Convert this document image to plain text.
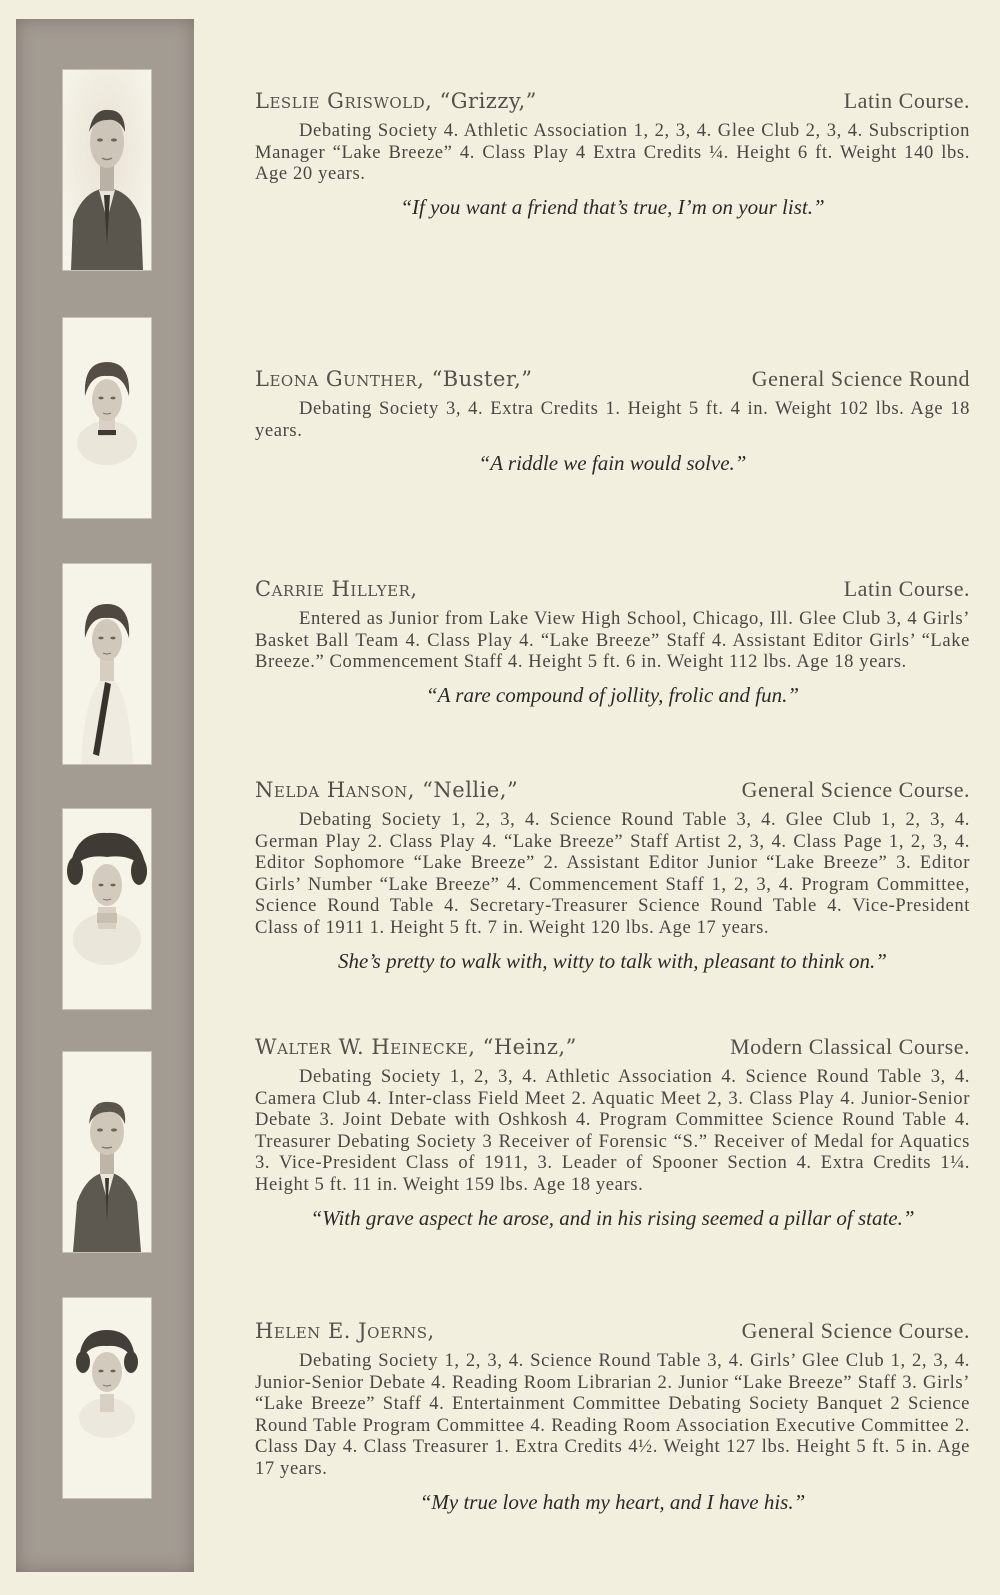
Leslie Griswold, “Grizzy,”	Latin Course.
Debating Society 4. Athletic Association 1, 2, 3, 4. Glee Club 2, 3, 4. Subscription Manager “Lake Breeze” 4. Class Play 4 Extra Credits ¼. Height 6 ft. Weight 140 lbs. Age 20 years.
“If you want a friend that’s true, I’m on your list.”
Leona Gunther, “Buster,”	General Science Round
Debating Society 3, 4. Extra Credits 1. Height 5 ft. 4 in. Weight 102 lbs. Age 18 years.
“A riddle we fain would solve.”
Carrie Hillyer,	Latin Course.
Entered as Junior from Lake View High School, Chicago, Ill. Glee Club 3, 4 Girls’ Basket Ball Team 4. Class Play 4. “Lake Breeze” Staff 4. Assistant Editor Girls’ “Lake Breeze.” Commencement Staff 4. Height 5 ft. 6 in. Weight 112 lbs. Age 18 years.
“A rare compound of jollity, frolic and fun.”
Nelda Hanson, “Nellie,”	General Science Course.
Debating Society 1, 2, 3, 4. Science Round Table 3, 4. Glee Club 1, 2, 3, 4. German Play 2. Class Play 4. “Lake Breeze” Staff Artist 2, 3, 4. Class Page 1, 2, 3, 4. Editor Sophomore “Lake Breeze” 2. Assistant Editor Junior “Lake Breeze” 3. Editor Girls’ Number “Lake Breeze” 4. Commencement Staff 1, 2, 3, 4. Program Committee, Science Round Table 4. Secretary-Treasurer Science Round Table 4. Vice-President Class of 1911 1. Height 5 ft. 7 in. Weight 120 lbs. Age 17 years.
She’s pretty to walk with, witty to talk with, pleasant to think on.”
Walter W. Heinecke, “Heinz,”	Modern Classical Course.
Debating Society 1, 2, 3, 4. Athletic Association 4. Science Round Table 3, 4. Camera Club 4. Inter-class Field Meet 2. Aquatic Meet 2, 3. Class Play 4. Junior-Senior Debate 3. Joint Debate with Oshkosh 4. Program Committee Science Round Table 4. Treasurer Debating Society 3 Receiver of Forensic “S.” Receiver of Medal for Aquatics 3. Vice-President Class of 1911, 3. Leader of Spooner Section 4. Extra Credits 1¼. Height 5 ft. 11 in. Weight 159 lbs. Age 18 years.
“With grave aspect he arose, and in his rising seemed a pillar of state.”
Helen E. Joerns,	General Science Course.
Debating Society 1, 2, 3, 4. Science Round Table 3, 4. Girls’ Glee Club 1, 2, 3, 4. Junior-Senior Debate 4. Reading Room Librarian 2. Junior “Lake Breeze” Staff 3. Girls’ “Lake Breeze” Staff 4. Entertainment Committee Debating Society Banquet 2 Science Round Table Program Committee 4. Reading Room Association Executive Committee 2. Class Day 4. Class Treasurer 1. Extra Credits 4½. Weight 127 lbs. Height 5 ft. 5 in. Age 17 years.
“My true love hath my heart, and I have his.”
